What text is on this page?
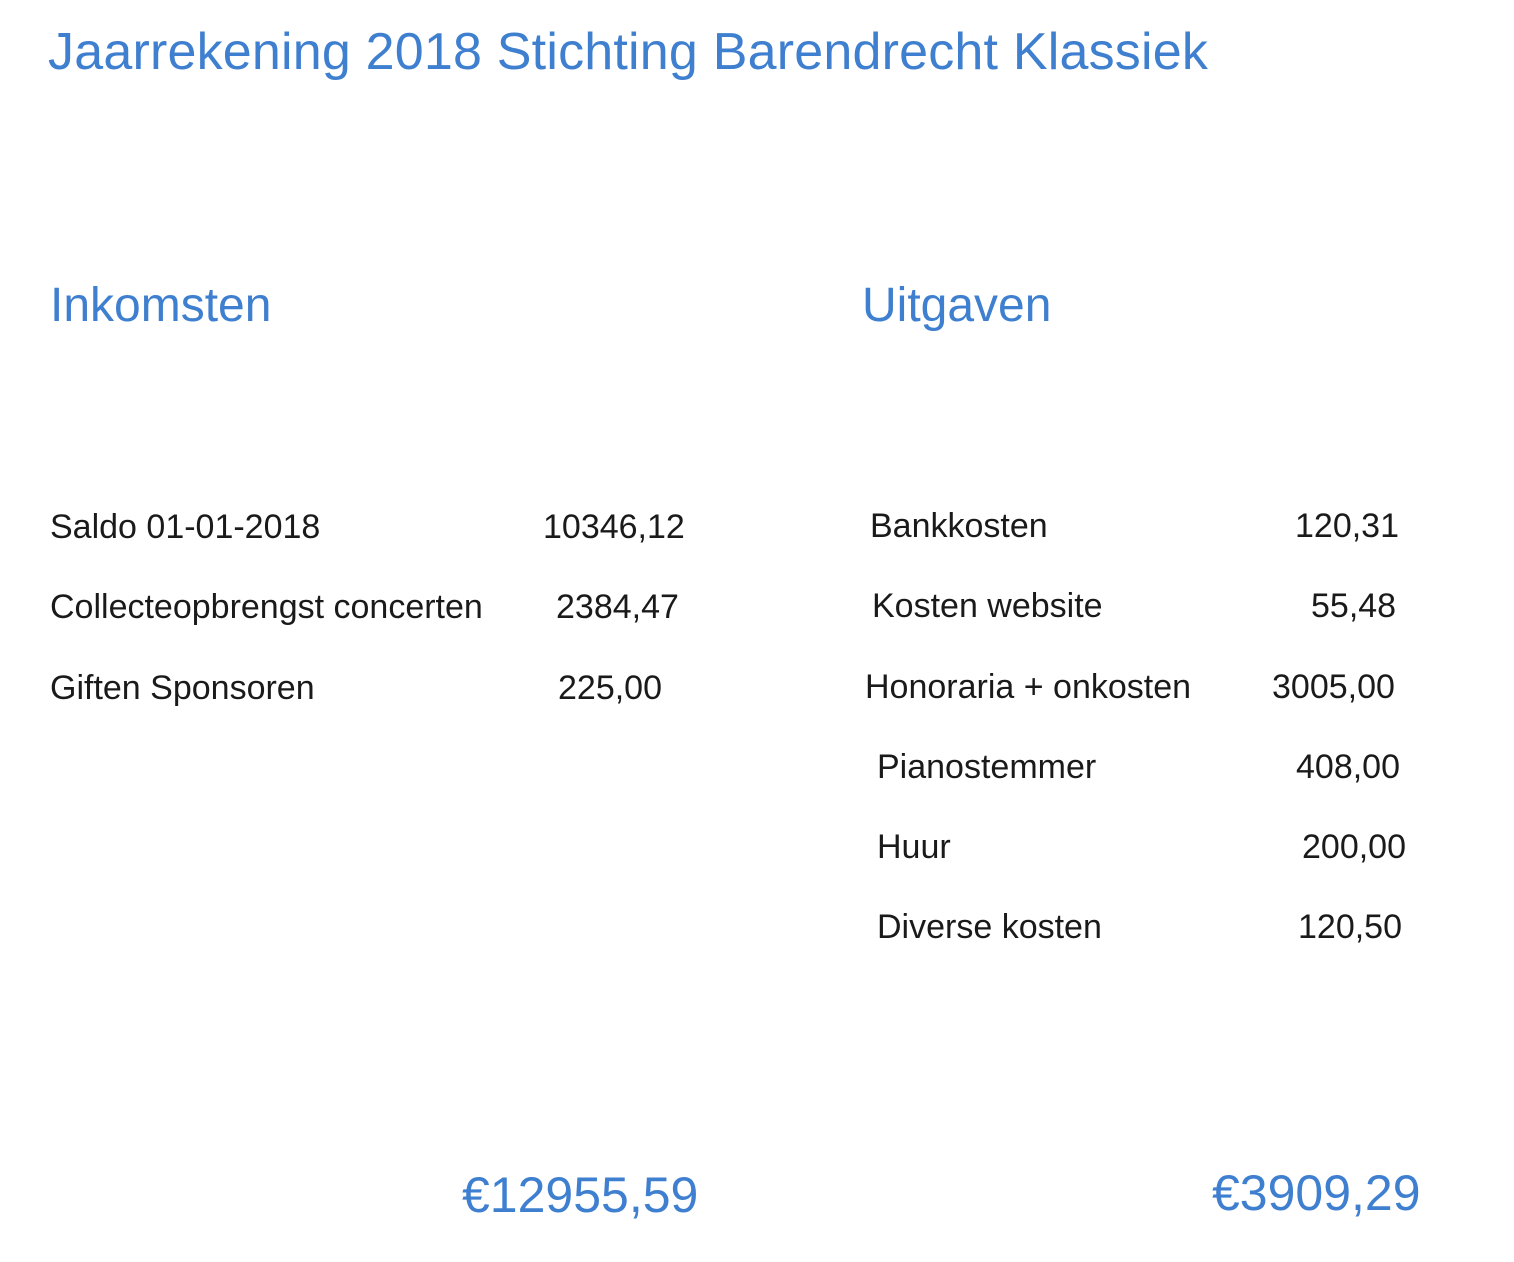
Jaarrekening 2018 Stichting Barendrecht Klassiek
Inkomsten	Uitgaven
Saldo 01-01-2018	10346,12
Collecteopbrengst concerten 2384,47
Giften Sponsoren	225,00
Bankkosten	120,31
Kosten website	55,48
Honoraria + onkosten 3005,00
Pianostemmer	408,00
Huur	200,00
Diverse kosten	120,50
€12955,59	€3909,29
